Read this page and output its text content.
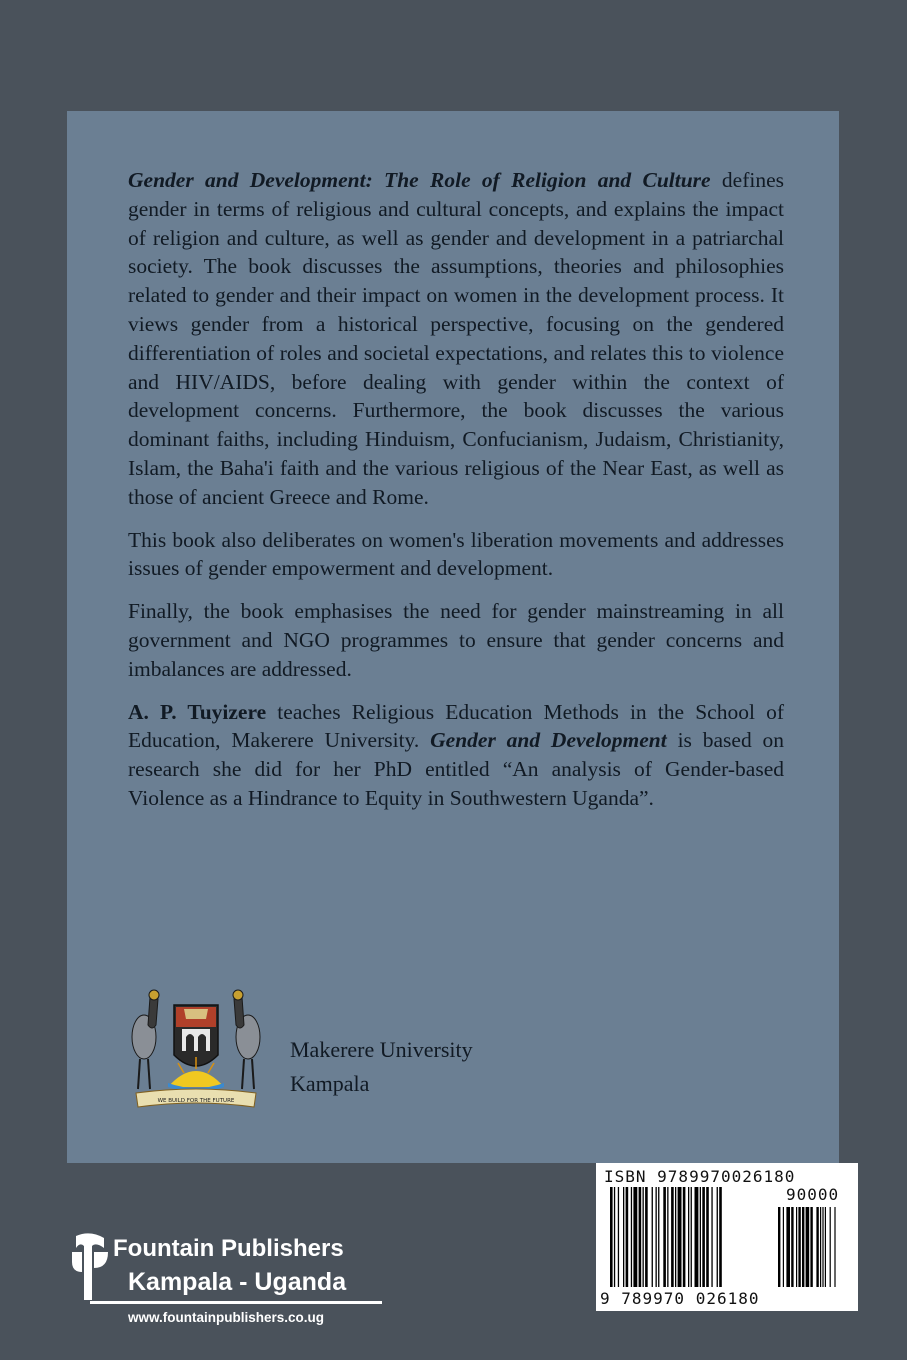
Gender and Development: The Role of Religion and Culture defines gender in terms of religious and cultural concepts, and explains the impact of religion and culture, as well as gender and development in a patriarchal society. The book discusses the assumptions, theories and philosophies related to gender and their impact on women in the development process. It views gender from a historical perspective, focusing on the gendered differentiation of roles and societal expectations, and relates this to violence and HIV/AIDS, before dealing with gender within the context of development concerns. Furthermore, the book discusses the various dominant faiths, including Hinduism, Confucianism, Judaism, Christianity, Islam, the Baha'i faith and the various religious of the Near East, as well as those of ancient Greece and Rome.

This book also deliberates on women's liberation movements and addresses issues of gender empowerment and development.

Finally, the book emphasises the need for gender mainstreaming in all government and NGO programmes to ensure that gender concerns and imbalances are addressed.

A. P. Tuyizere teaches Religious Education Methods in the School of Education, Makerere University. Gender and Development is based on research she did for her PhD entitled “An analysis of Gender-based Violence as a Hindrance to Equity in Southwestern Uganda”.

WE BUILD FOR THE FUTURE
Makerere University
Kampala
ISBN 9789970026180
90000
9 789970 026180
Fountain Publishers
Kampala - Uganda
www.fountainpublishers.co.ug
